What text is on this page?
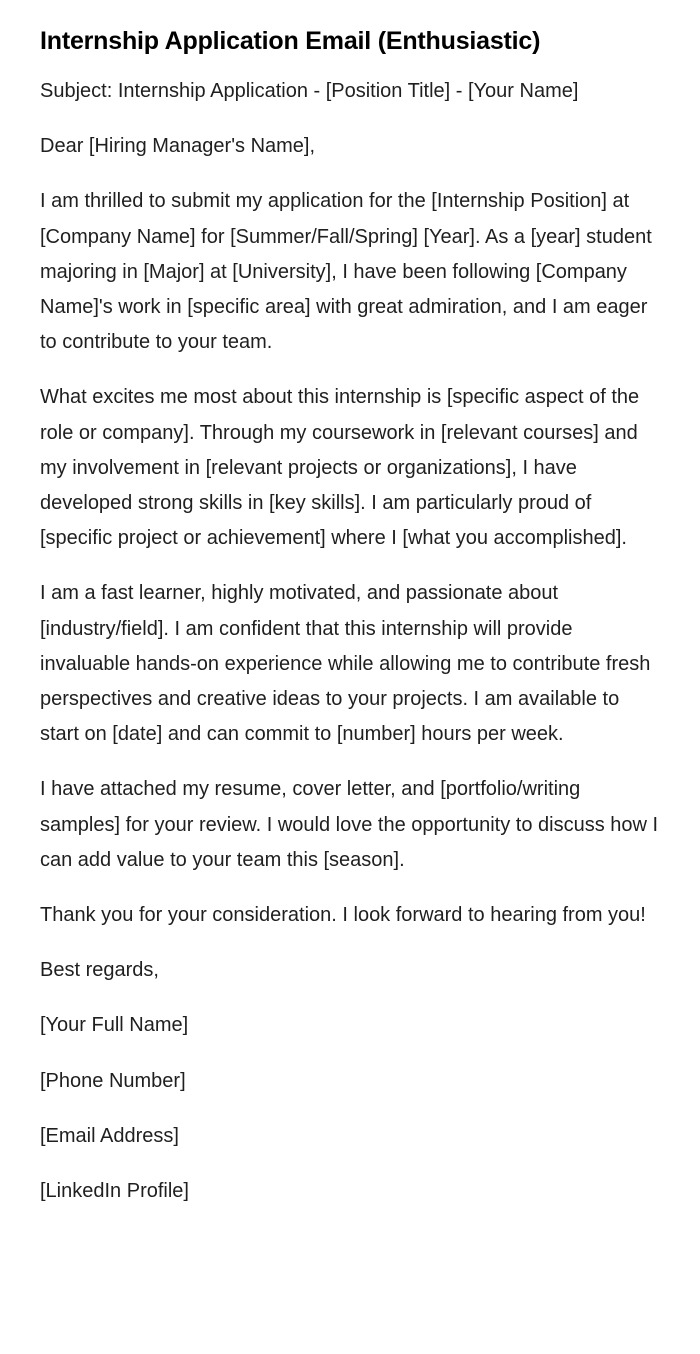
Internship Application Email (Enthusiastic)

Subject: Internship Application - [Position Title] - [Your Name]

Dear [Hiring Manager's Name],

I am thrilled to submit my application for the [Internship Position] at [Company Name] for [Summer/Fall/Spring] [Year]. As a [year] student majoring in [Major] at [University], I have been following [Company Name]'s work in [specific area] with great admiration, and I am eager to contribute to your team.

What excites me most about this internship is [specific aspect of the role or company]. Through my coursework in [relevant courses] and my involvement in [relevant projects or organizations], I have developed strong skills in [key skills]. I am particularly proud of [specific project or achievement] where I [what you accomplished].

I am a fast learner, highly motivated, and passionate about [industry/field]. I am confident that this internship will provide invaluable hands-on experience while allowing me to contribute fresh perspectives and creative ideas to your projects. I am available to start on [date] and can commit to [number] hours per week.

I have attached my resume, cover letter, and [portfolio/writing samples] for your review. I would love the opportunity to discuss how I can add value to your team this [season].

Thank you for your consideration. I look forward to hearing from you!

Best regards,

[Your Full Name]

[Phone Number]

[Email Address]

[LinkedIn Profile]
